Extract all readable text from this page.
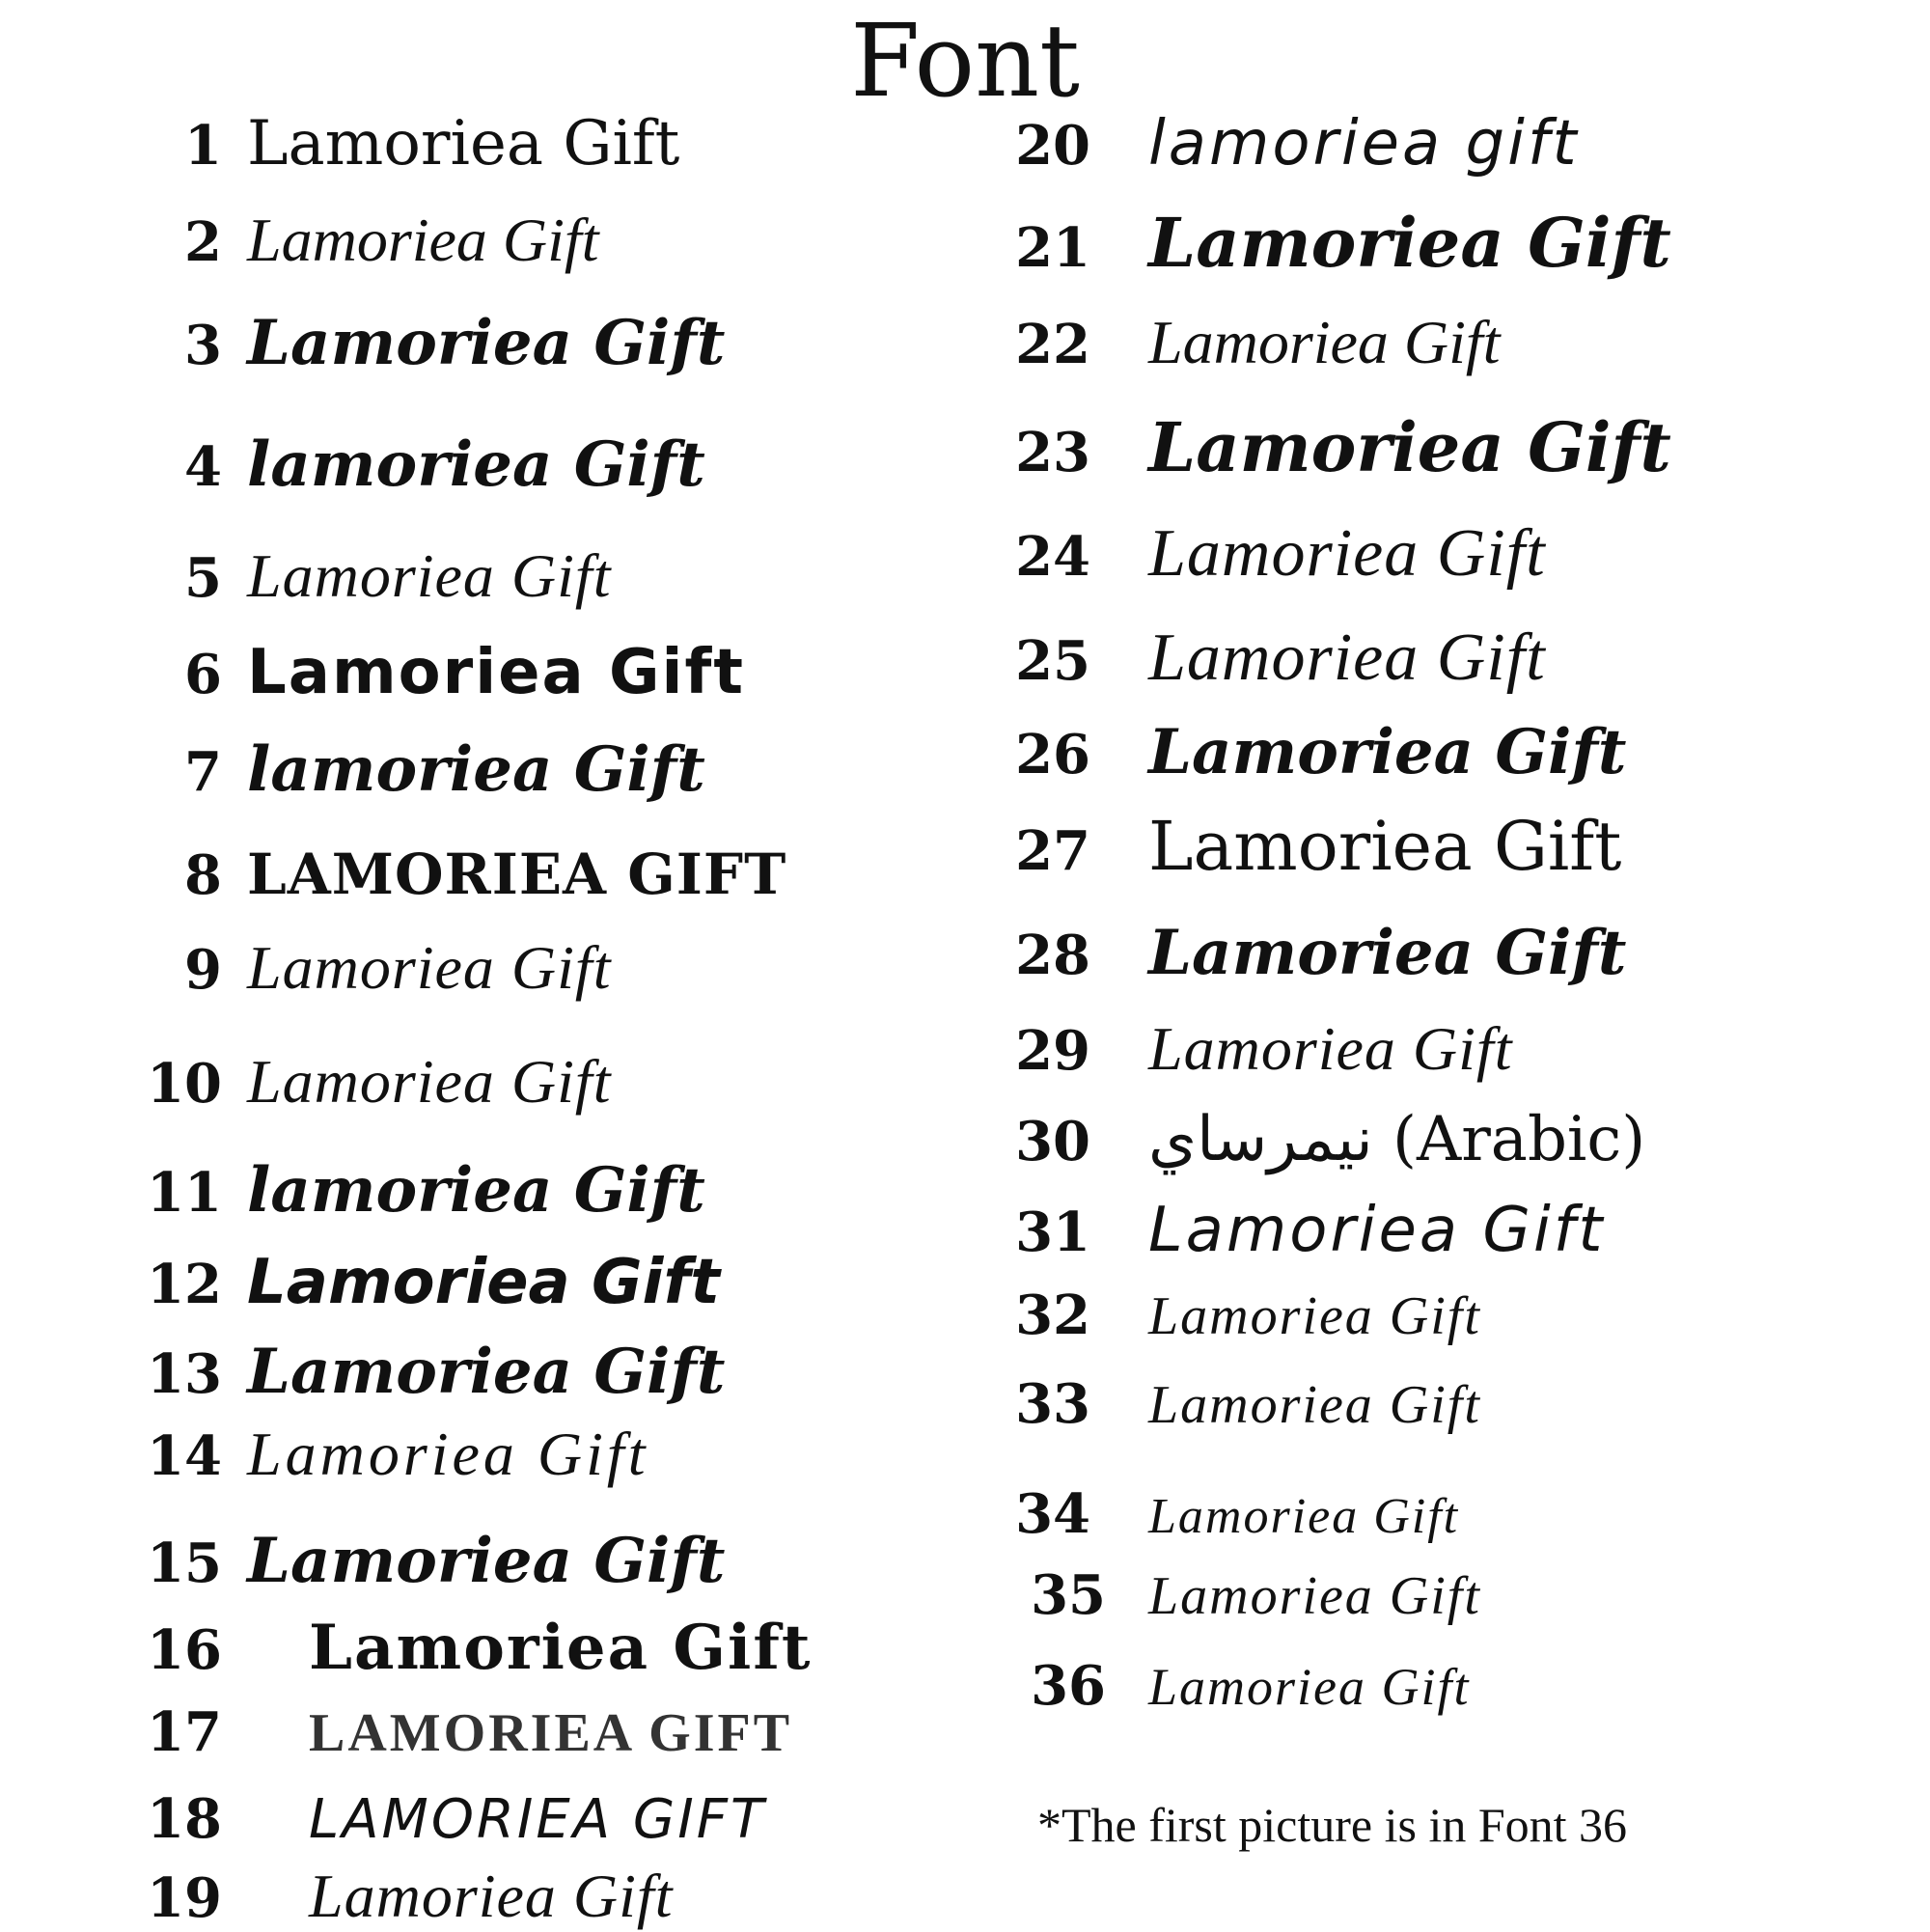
Font
1 Lamoriea Gift
2 Lamoriea Gift
3 Lamoriea Gift
4 lamoriea Gift
5 Lamoriea Gift
6 Lamoriea Gift
7 lamoriea Gift
8 LAMORIEA GIFT
9 Lamoriea Gift
10 Lamoriea Gift
11 lamoriea Gift
12 Lamoriea Gift
13 Lamoriea Gift
14 Lamoriea Gift
15 Lamoriea Gift
16 Lamoriea Gift
17 LAMORIEA GIFT
18 LAMORIEA GIFT
19 Lamoriea Gift
20 lamoriea gift
21 Lamoriea Gift
22 Lamoriea Gift
23 Lamoriea Gift
24 Lamoriea Gift
25 Lamoriea Gift
26 Lamoriea Gift
27 Lamoriea Gift
28 Lamoriea Gift
29 Lamoriea Gift
30 نيمرساي (Arabic)
31 Lamoriea Gift
32 Lamoriea Gift
33 Lamoriea Gift
34 Lamoriea Gift
35 Lamoriea Gift
36 Lamoriea Gift
*The first picture is in Font 36
